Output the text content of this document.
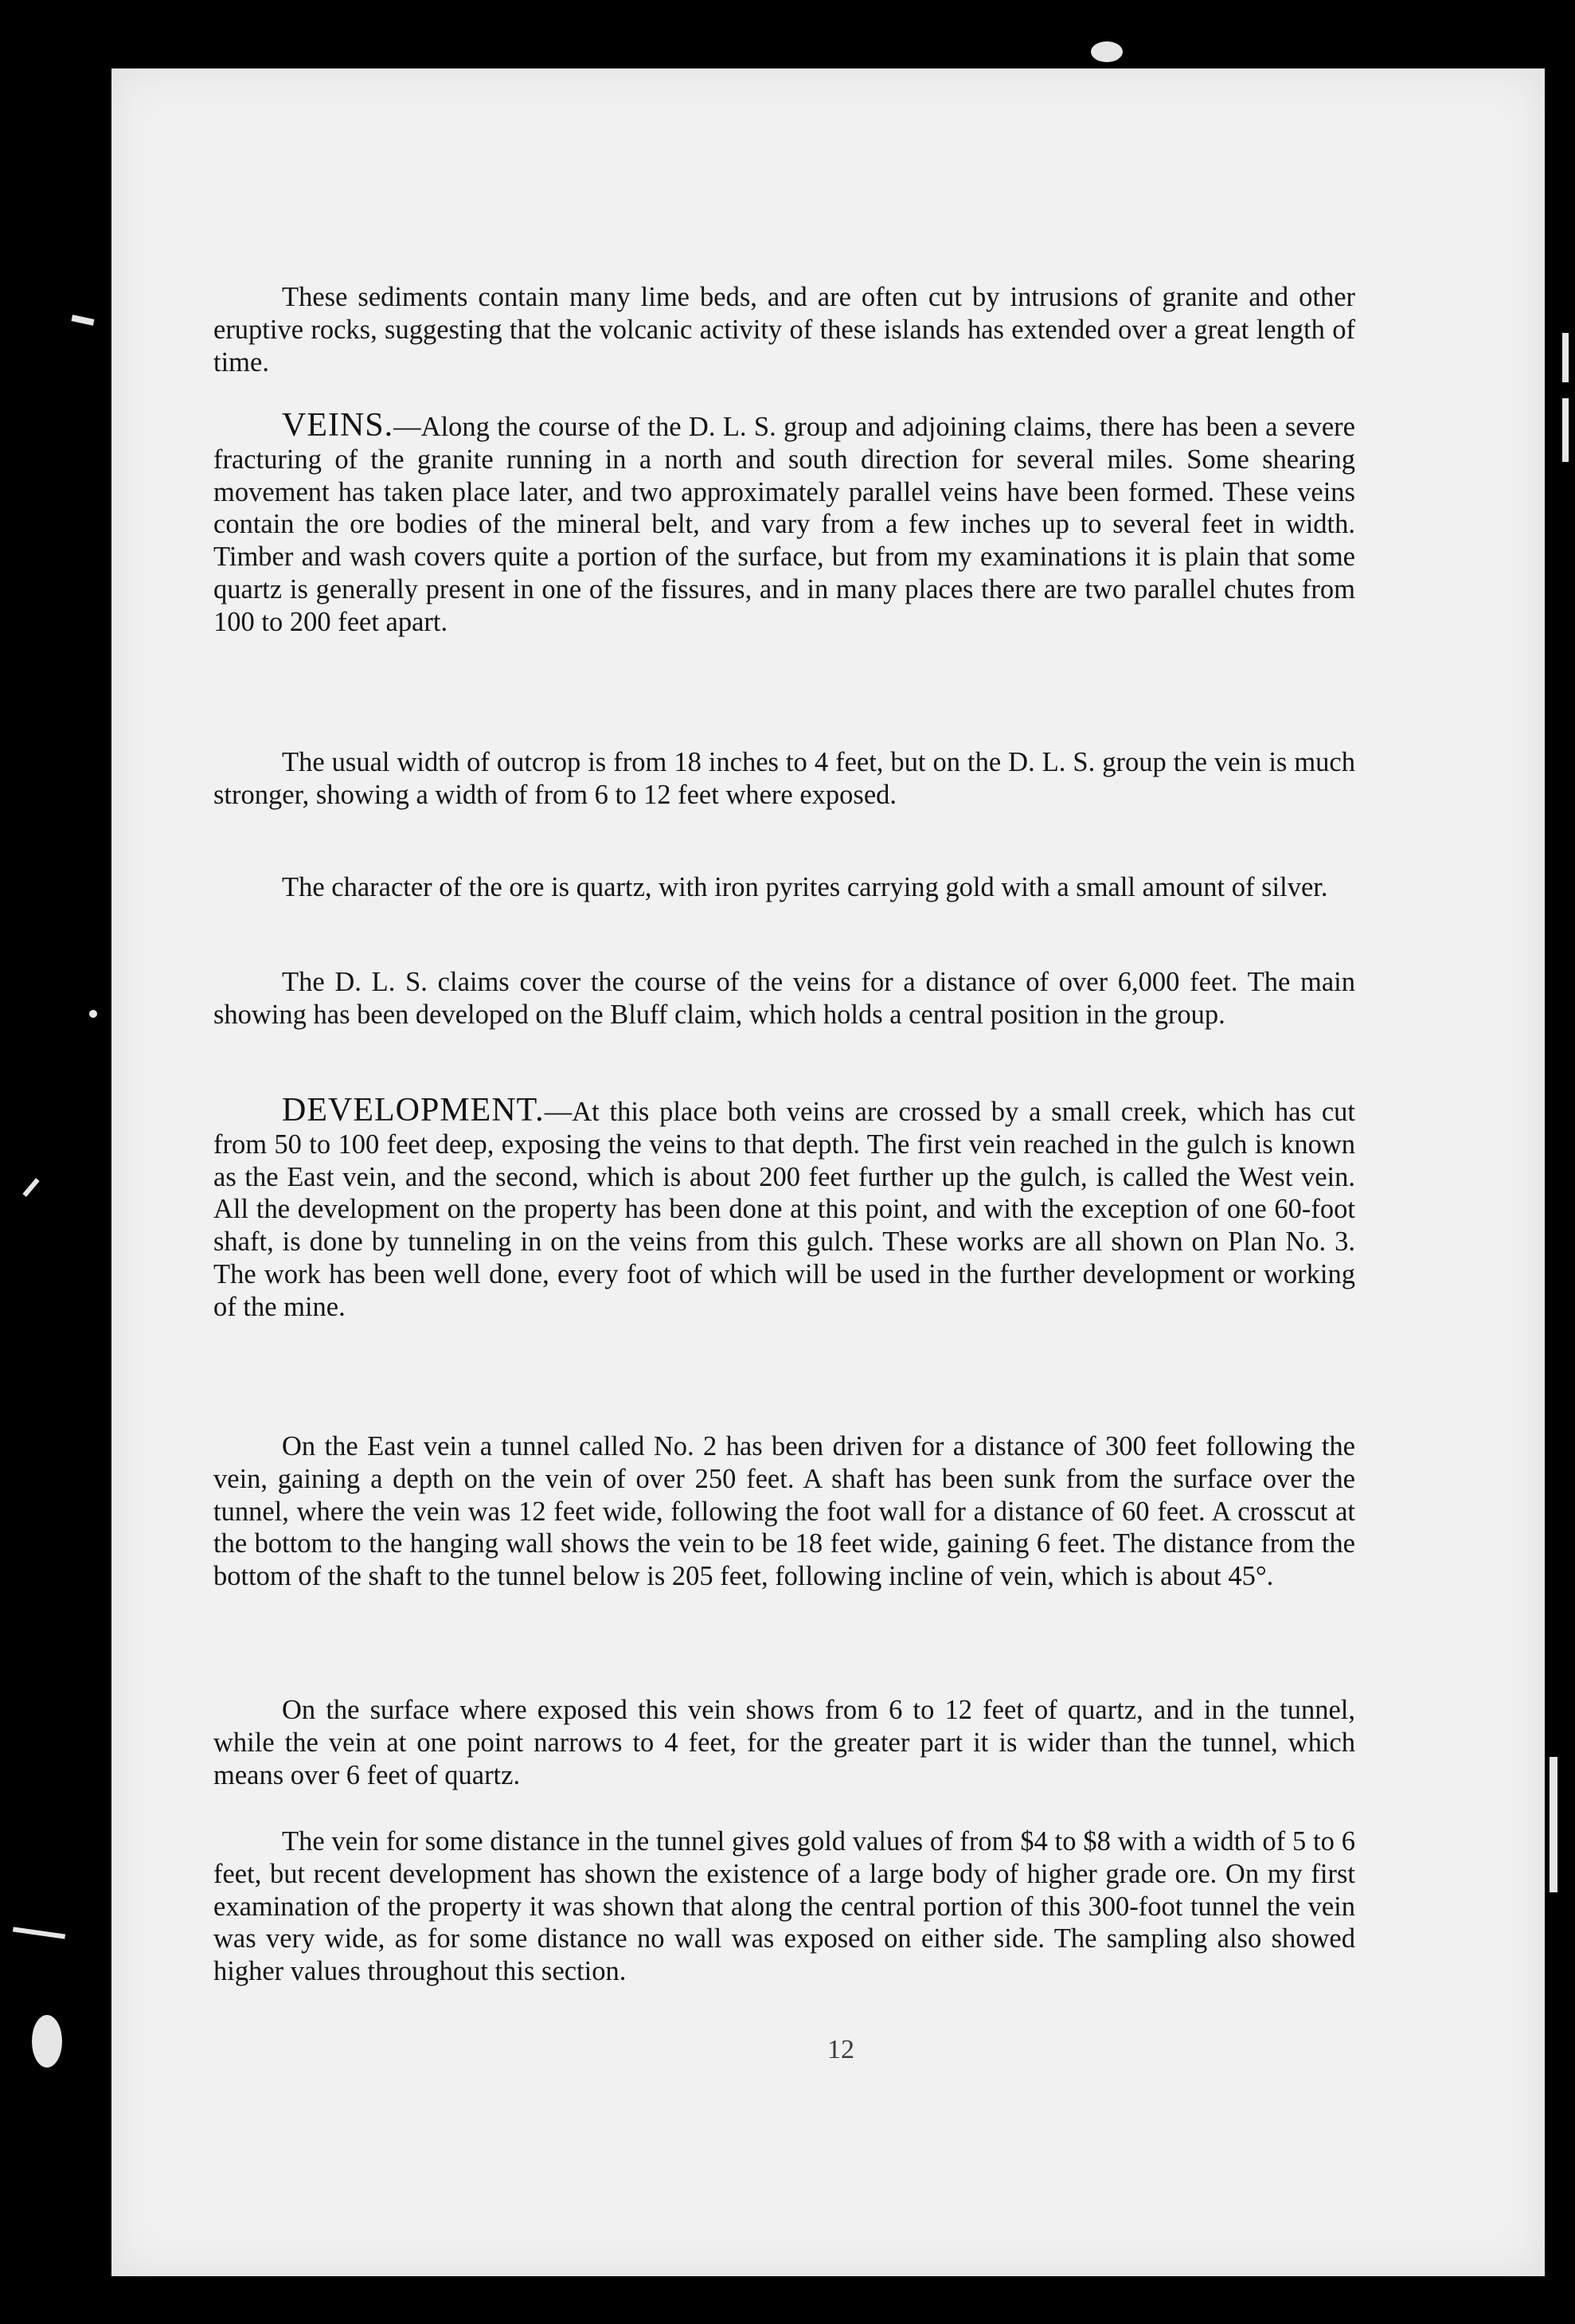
These sediments contain many lime beds, and are often cut by intrusions of granite and other eruptive rocks, suggesting that the volcanic activity of these islands has extended over a great length of time.

VEINS.—Along the course of the D. L. S. group and adjoining claims, there has been a severe fracturing of the granite running in a north and south direction for several miles. Some shearing movement has taken place later, and two approximately parallel veins have been formed. These veins contain the ore bodies of the mineral belt, and vary from a few inches up to several feet in width. Timber and wash covers quite a portion of the surface, but from my examinations it is plain that some quartz is generally present in one of the fissures, and in many places there are two parallel chutes from 100 to 200 feet apart.

The usual width of outcrop is from 18 inches to 4 feet, but on the D. L. S. group the vein is much stronger, showing a width of from 6 to 12 feet where exposed.

The character of the ore is quartz, with iron pyrites carrying gold with a small amount of silver.

The D. L. S. claims cover the course of the veins for a distance of over 6,000 feet. The main showing has been developed on the Bluff claim, which holds a central position in the group.

DEVELOPMENT.—At this place both veins are crossed by a small creek, which has cut from 50 to 100 feet deep, exposing the veins to that depth. The first vein reached in the gulch is known as the East vein, and the second, which is about 200 feet further up the gulch, is called the West vein. All the development on the property has been done at this point, and with the exception of one 60-foot shaft, is done by tunneling in on the veins from this gulch. These works are all shown on Plan No. 3. The work has been well done, every foot of which will be used in the further development or working of the mine.

On the East vein a tunnel called No. 2 has been driven for a distance of 300 feet following the vein, gaining a depth on the vein of over 250 feet. A shaft has been sunk from the surface over the tunnel, where the vein was 12 feet wide, following the foot wall for a distance of 60 feet. A crosscut at the bottom to the hanging wall shows the vein to be 18 feet wide, gaining 6 feet. The distance from the bottom of the shaft to the tunnel below is 205 feet, following incline of vein, which is about 45°.

On the surface where exposed this vein shows from 6 to 12 feet of quartz, and in the tunnel, while the vein at one point narrows to 4 feet, for the greater part it is wider than the tunnel, which means over 6 feet of quartz.

The vein for some distance in the tunnel gives gold values of from $4 to $8 with a width of 5 to 6 feet, but recent development has shown the existence of a large body of higher grade ore. On my first examination of the property it was shown that along the central portion of this 300-foot tunnel the vein was very wide, as for some distance no wall was exposed on either side. The sampling also showed higher values throughout this section.

12
